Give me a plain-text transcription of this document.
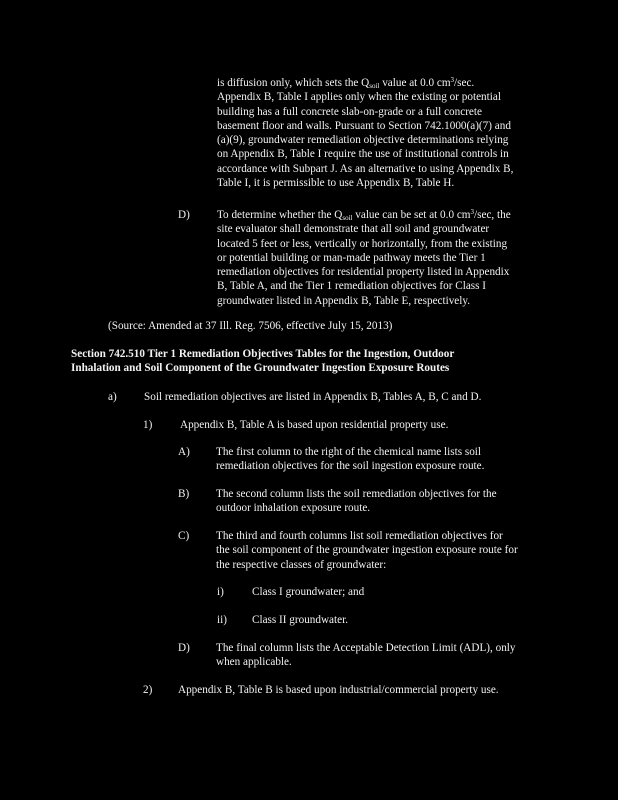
is diffusion only, which sets the $Q_{soil}$ value at 0.0 $cm^3/\sec$.
Appendix B, Table I applies only when the existing or potential
building has a full concrete slab-on-grade or a full concrete
basement floor and walls. Pursuant to Section 742.1000(a)(7) and
(a)(9), groundwater remediation objective determinations relying
on Appendix B, Table I require the use of institutional controls in
accordance with Subpart J. As an alternative to using Appendix B,
Table I, it is permissible to use Appendix B, Table H.
D) To determine whether the $Q_{soil}$ value can be set at 0.0 $cm^3/\sec$, the
site evaluator shall demonstrate that all soil and groundwater
located 5 feet or less, vertically or horizontally, from the existing
or potential building or man-made pathway meets the Tier 1
remediation objectives for residential property listed in Appendix
B, Table A, and the Tier 1 remediation objectives for Class I
groundwater listed in Appendix B, Table E, respectively.
(Source: Amended at 37 Ill. Reg. 7506, effective July 15, 2013)
Section 742.510 Tier 1 Remediation Objectives Tables for the Ingestion, Outdoor
Inhalation and Soil Component of the Groundwater Ingestion Exposure Routes
a) Soil remediation objectives are listed in Appendix B, Tables A, B, C and D.
1) Appendix B, Table A is based upon residential property use.
A) The first column to the right of the chemical name lists soil
remediation objectives for the soil ingestion exposure route.
B) The second column lists the soil remediation objectives for the
outdoor inhalation exposure route.
C) The third and fourth columns list soil remediation objectives for
the soil component of the groundwater ingestion exposure route for
the respective classes of groundwater:
i)	Class I groundwater; and
ii) Class II groundwater.
D) The final column lists the Acceptable Detection Limit (ADL), only
when applicable.
2) Appendix B, Table B is based upon industrial/commercial property use.
